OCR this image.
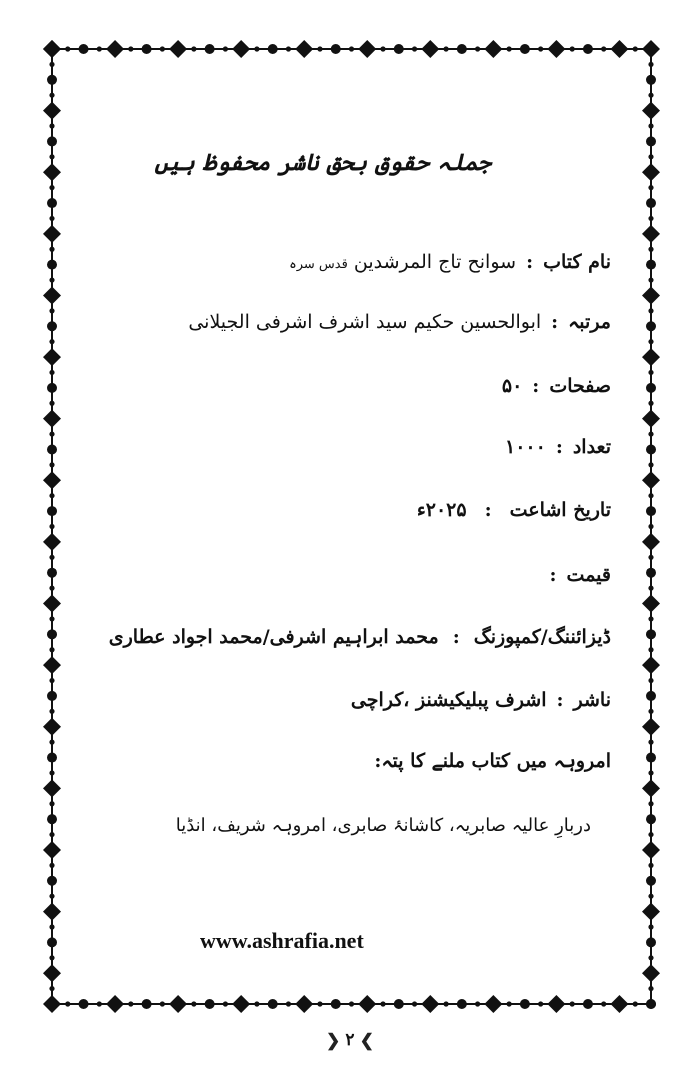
جملہ حقوق بحق ناشر محفوظ ہیں
نام کتاب:سوانح تاج المرشدین قدس سرہ
مرتبہ:ابوالحسین حکیم سید اشرف اشرفی الجیلانی
صفحات:۵۰
تعداد:۱۰۰۰
تاریخ اشاعت:۲۰۲۵ء
قیمت:
ڈیزائننگ/کمپوزنگ:محمد ابراہیم اشرفی/محمد اجواد عطاری
ناشر:اشرف پبلیکیشنز ،کراچی
امروہہ میں کتاب ملنے کا پتہ:
دربارِ عالیہ صابریہ، کاشانۂ صابری، امروہہ شریف، انڈیا
www.ashrafia.net
❮ ۲ ❯
